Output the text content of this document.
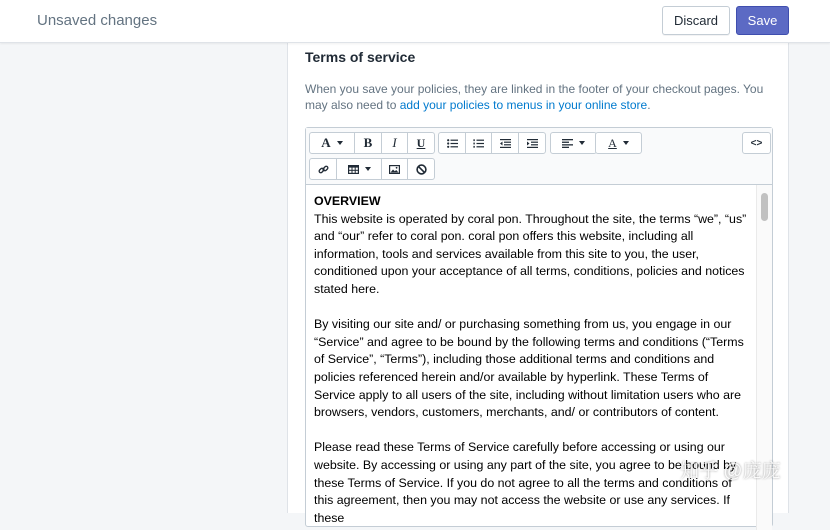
Unsaved changes	Discard	Save
Terms of service
When you save your policies, they are linked in the footer of your checkout pages. You may also need to add your policies to menus in your online store.
A	B I U	A	<>
OVERVIEW

This website is operated by coral pon. Throughout the site, the terms “we”, “us” and “our” refer to coral pon. coral pon offers this website, including all information, tools and services available from this site to you, the user, conditioned upon your acceptance of all terms, conditions, policies and notices stated here.

By visiting our site and/ or purchasing something from us, you engage in our “Service” and agree to be bound by the following terms and conditions (“Terms of Service”, “Terms”), including those additional terms and conditions and policies referenced herein and/or available by hyperlink. These Terms of Service apply to all users of the site, including without limitation users who are browsers, vendors, customers, merchants, and/ or contributors of content.

Please read these Terms of Service carefully before accessing or using our website. By accessing or using any part of the site, you agree to be bound by these Terms of Service. If you do not agree to all the terms and conditions of this agreement, then you may not access the website or use any services. If these

知乎 @庞庞
